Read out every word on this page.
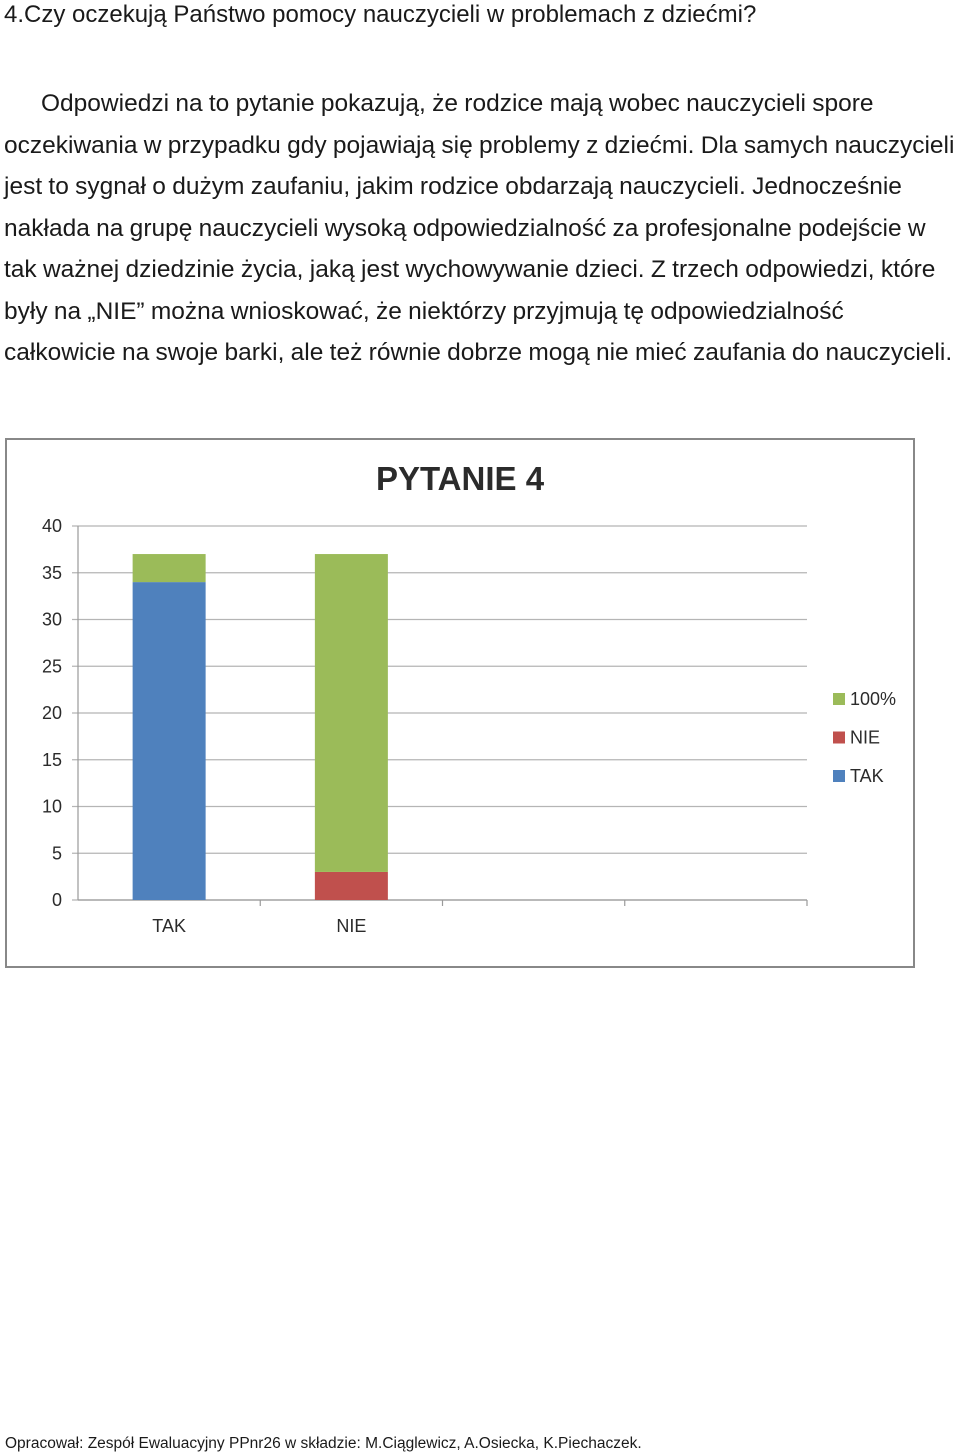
4.Czy oczekują Państwo pomocy nauczycieli w problemach z dziećmi?

Odpowiedzi na to pytanie pokazują, że rodzice mają wobec nauczycieli spore oczekiwania w przypadku gdy pojawiają się problemy z dziećmi. Dla samych nauczycieli jest to sygnał o dużym zaufaniu, jakim rodzice obdarzają nauczycieli. Jednocześnie nakłada na grupę nauczycieli wysoką odpowiedzialność za profesjonalne podejście w tak ważnej dziedzinie życia, jaką jest wychowywanie dzieci. Z trzech odpowiedzi, które były na „NIE” można wnioskować, że niektórzy przyjmują tę odpowiedzialność całkowicie na swoje barki, ale też równie dobrze mogą nie mieć zaufania do nauczycieli.

PYTANIE 4
0
5
10
15
20
25
30
35
40
TAK	NIE
100%
NIE
TAK

Opracował: Zespół Ewaluacyjny PPnr26 w składzie: M.Ciąglewicz, A.Osiecka, K.Piechaczek.
